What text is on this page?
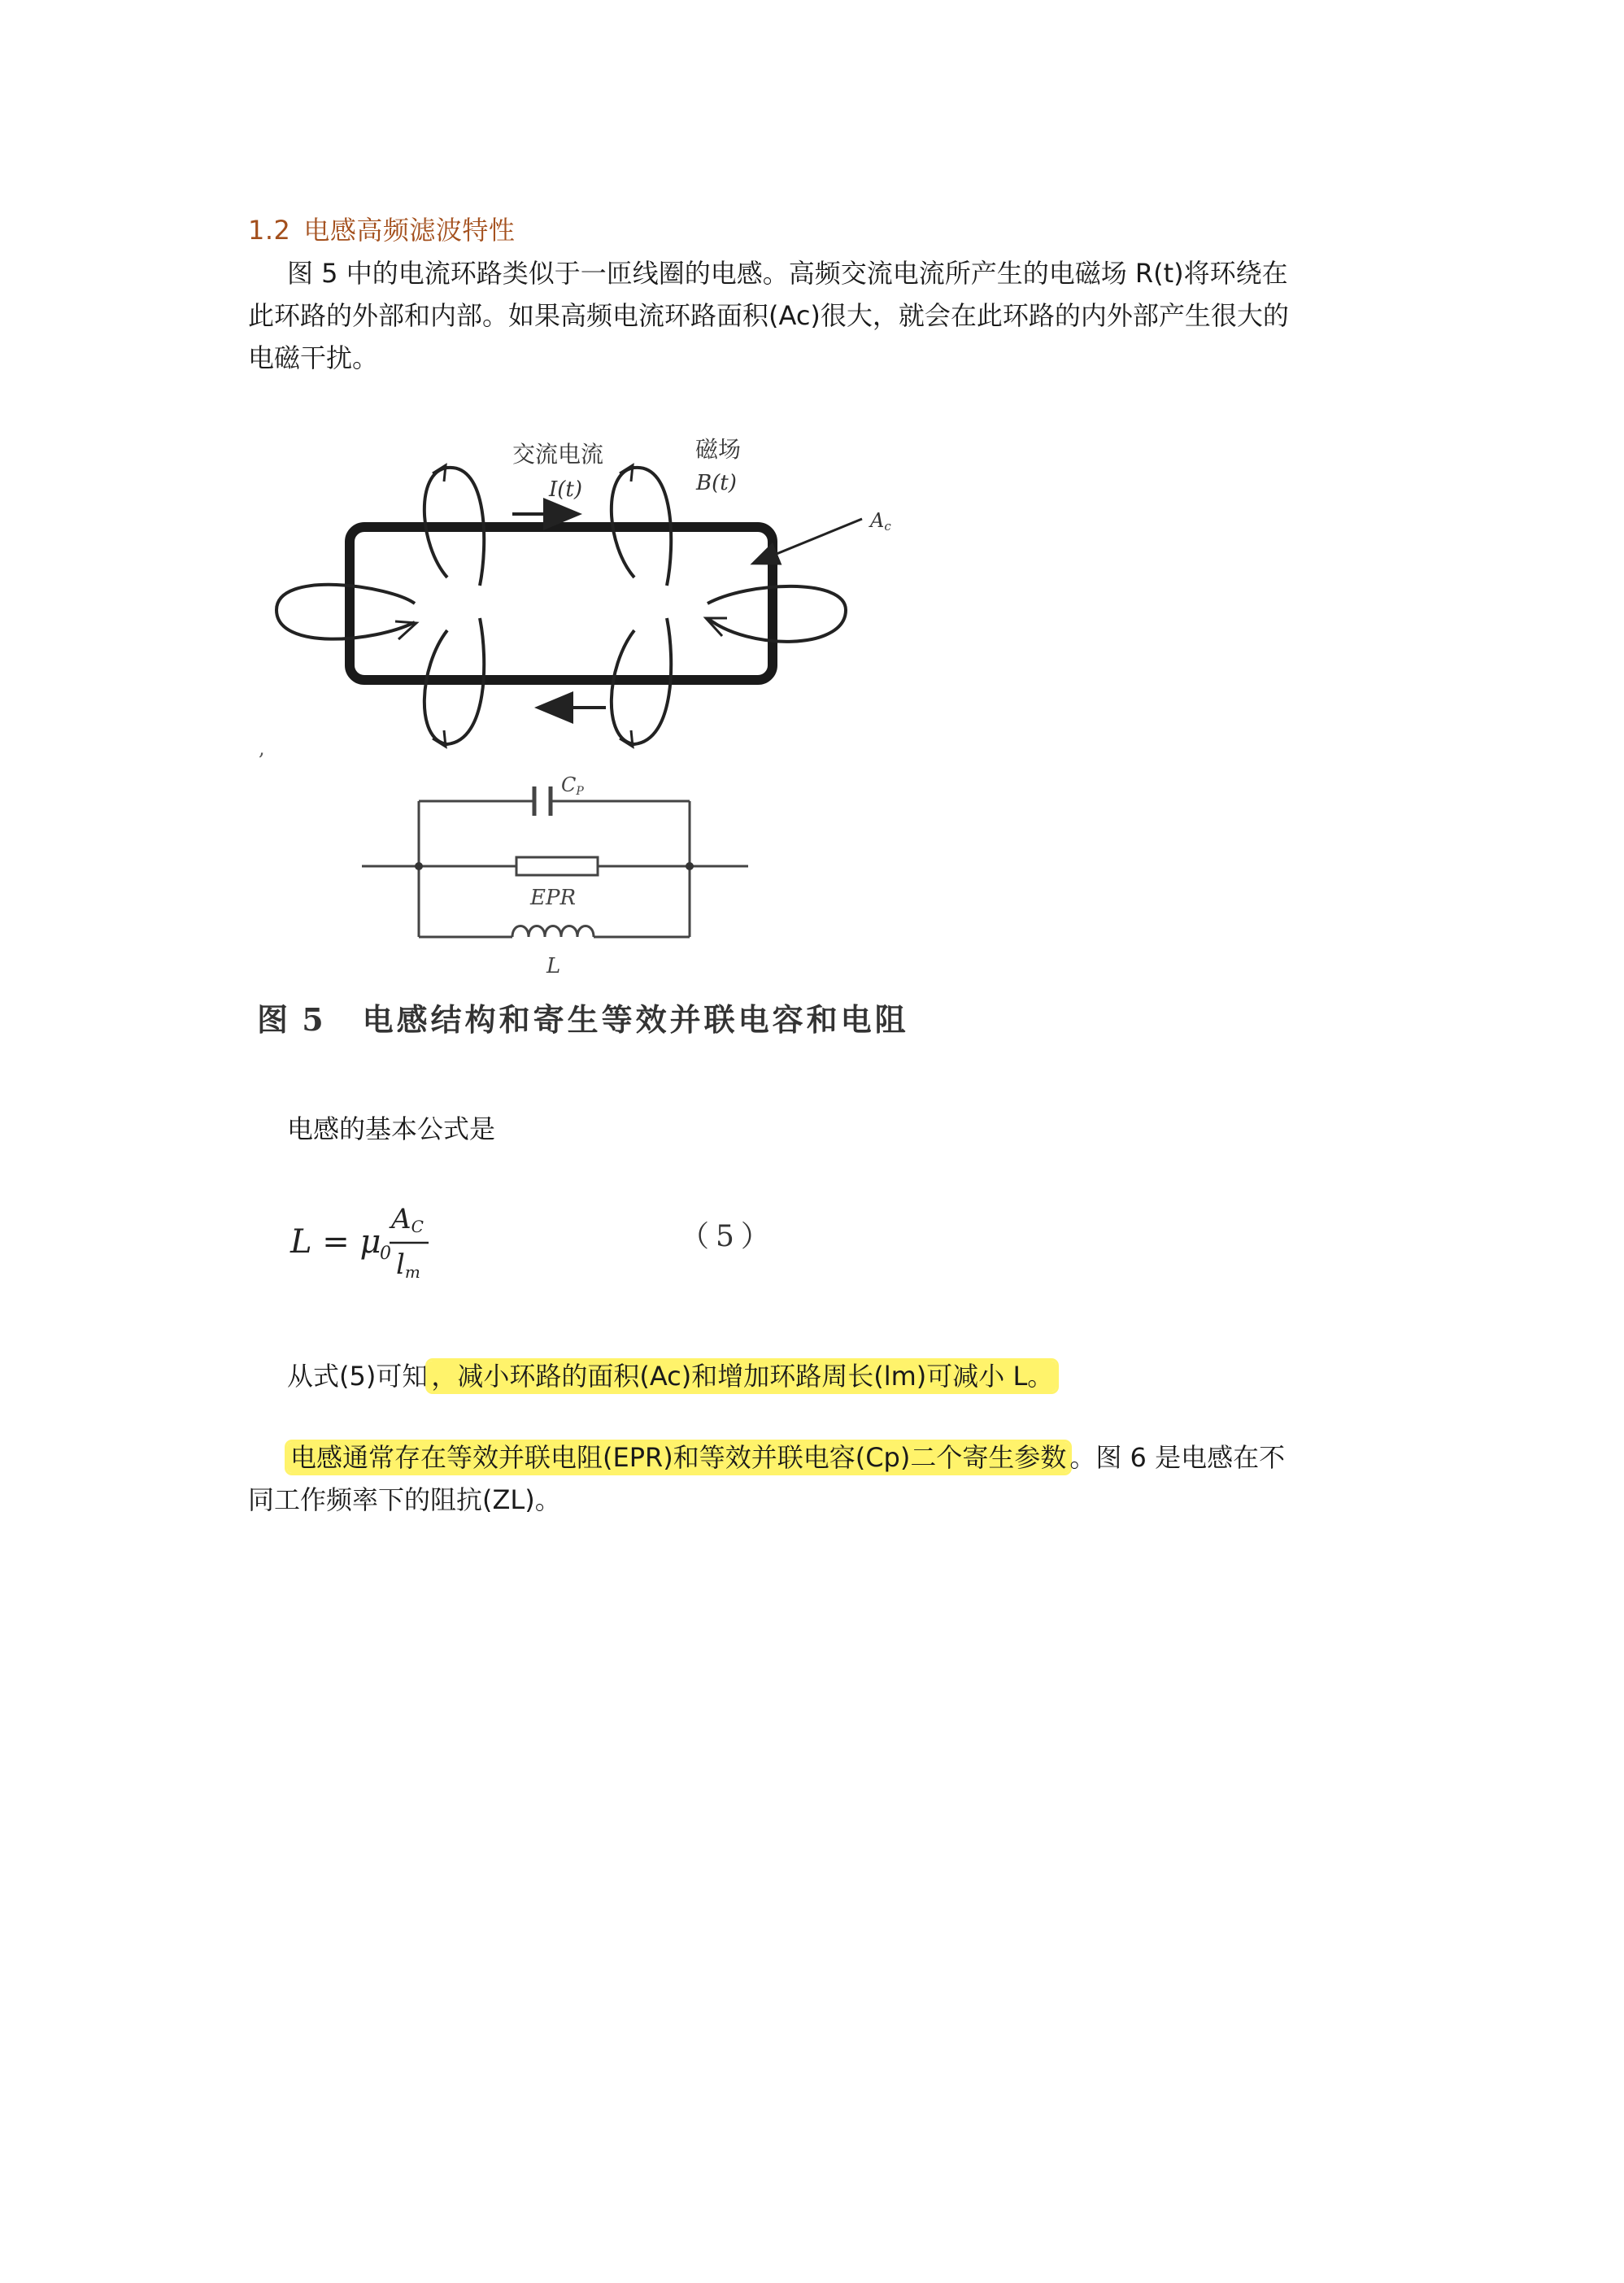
1.2 电感高频滤波特性
图 5 中的电流环路类似于一匝线圈的电感。高频交流电流所产生的电磁场 R(t)将环绕在
此环路的外部和内部。如果高频电流环路面积(Ac)很大，就会在此环路的内外部产生很大的
电磁干扰。
交流电流
I(t)
磁场
B(t)
Ac
,
CP
EPR
L
图 5 电感结构和寄生等效并联电容和电阻
电感的基本公式是
L = μ
0
AC
lm
（5）
从式(5)可知 ，减小环路的面积(Ac)和增加环路周长(lm)可减小 L。
电感通常存在等效并联电阻(EPR)和等效并联电容(Cp)二个寄生参数 。图 6 是电感在不
同工作频率下的阻抗(ZL)。
